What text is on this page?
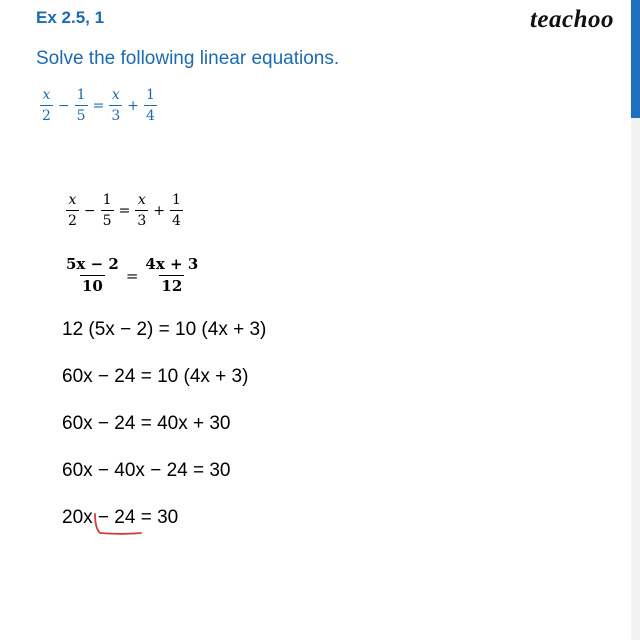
Ex 2.5, 1	teachoo
Solve the following linear equations.
$\frac{x}{2} - \frac{1}{5} = \frac{x}{3} + \frac{1}{4}$
$\frac{x}{2} - \frac{1}{5} = \frac{x}{3} + \frac{1}{4}$
$\frac{5x - 2}{10} = \frac{4x + 3}{12}$
12 (5x − 2) = 10 (4x + 3)
60x − 24 = 10 (4x + 3)
60x − 24 = 40x + 30
60x − 40x − 24 = 30
20x − 24 = 30
